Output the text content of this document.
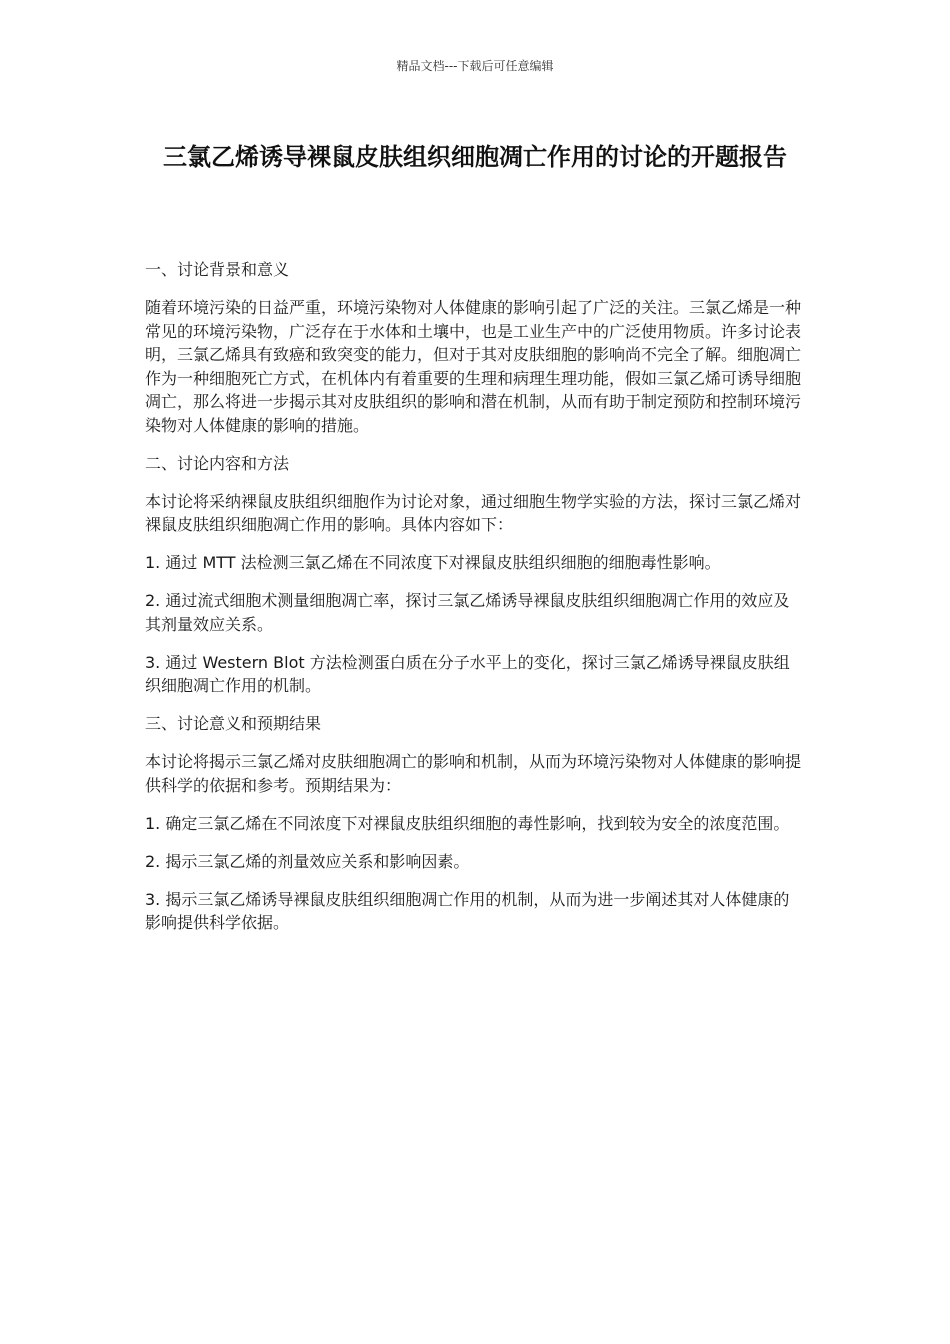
精品文档---下载后可任意编辑
三氯乙烯诱导裸鼠皮肤组织细胞凋亡作用的讨论的开题报告

一、讨论背景和意义

随着环境污染的日益严重，环境污染物对人体健康的影响引起了广泛的关注。三氯乙烯是一种常见的环境污染物，广泛存在于水体和土壤中，也是工业生产中的广泛使用物质。许多讨论表明，三氯乙烯具有致癌和致突变的能力，但对于其对皮肤细胞的影响尚不完全了解。细胞凋亡作为一种细胞死亡方式，在机体内有着重要的生理和病理生理功能，假如三氯乙烯可诱导细胞凋亡，那么将进一步揭示其对皮肤组织的影响和潜在机制，从而有助于制定预防和控制环境污染物对人体健康的影响的措施。

二、讨论内容和方法

本讨论将采纳裸鼠皮肤组织细胞作为讨论对象，通过细胞生物学实验的方法，探讨三氯乙烯对裸鼠皮肤组织细胞凋亡作用的影响。具体内容如下：

1. 通过 MTT 法检测三氯乙烯在不同浓度下对裸鼠皮肤组织细胞的细胞毒性影响。

2. 通过流式细胞术测量细胞凋亡率，探讨三氯乙烯诱导裸鼠皮肤组织细胞凋亡作用的效应及其剂量效应关系。

3. 通过 Western Blot 方法检测蛋白质在分子水平上的变化，探讨三氯乙烯诱导裸鼠皮肤组织细胞凋亡作用的机制。

三、讨论意义和预期结果

本讨论将揭示三氯乙烯对皮肤细胞凋亡的影响和机制，从而为环境污染物对人体健康的影响提供科学的依据和参考。预期结果为：

1. 确定三氯乙烯在不同浓度下对裸鼠皮肤组织细胞的毒性影响，找到较为安全的浓度范围。

2. 揭示三氯乙烯的剂量效应关系和影响因素。

3. 揭示三氯乙烯诱导裸鼠皮肤组织细胞凋亡作用的机制，从而为进一步阐述其对人体健康的影响提供科学依据。
